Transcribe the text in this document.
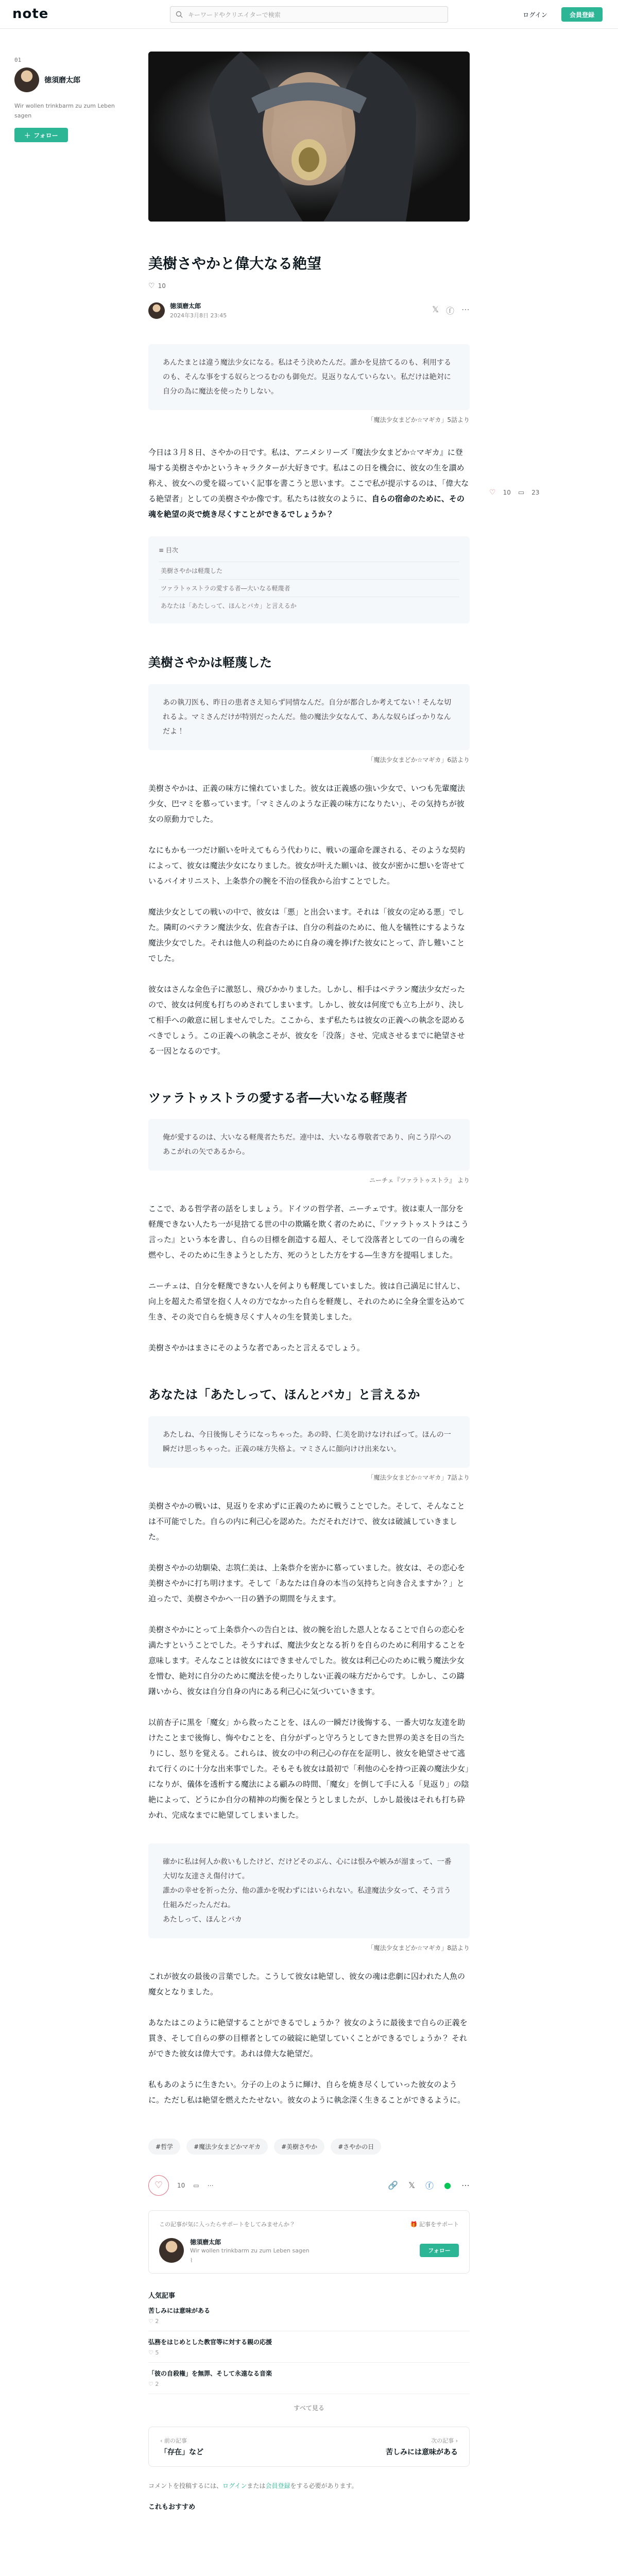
note	キーワードやクリエイターで検索	ログイン	会員登録
01
徳須磨太郎
Wir wollen trinkbarm zu zum Leben sagen
＋ フォロー
♡ 10 ▭ 23
美樹さやかと偉大なる絶望
♡ 10
徳須磨太郎
2024年3月8日 23:45
𝕏 ⓕ ⋯
あんたまとは違う魔法少女になる。私はそう決めたんだ。誰かを見捨てるのも、利用するのも、そんな事をする奴らとつるむのも御免だ。見返りなんていらない。私だけは絶対に自分の為に魔法を使ったりしない。
「魔法少女まどか☆マギカ」5話より
今日は３月８日、さやかの日です。私は、アニメシリーズ『魔法少女まどか☆マギカ』に登場する美樹さやかというキャラクターが大好きです。私はこの日を機会に、彼女の生を讃め称え、彼女への愛を綴っていく記事を書こうと思います。ここで私が提示するのは、「偉大なる絶望者」としての美樹さやか像です。私たちは彼女のように、自らの宿命のために、その魂を絶望の炎で焼き尽くすことができるでしょうか？
≡ 目次
美樹さやかは軽蔑した
ツァラトゥストラの愛する者―大いなる軽蔑者
あなたは「あたしって、ほんとバカ」と言えるか
美樹さやかは軽蔑した
あの執刀医も、昨日の患者さえ知らず同情なんだ。自分が都合しか考えてない！そんな切れるよ。マミさんだけが特別だったんだ。他の魔法少女なんて、あんな奴らばっかりなんだよ！
「魔法少女まどか☆マギカ」6話より

美樹さやかは、正義の味方に憧れていました。彼女は正義感の強い少女で、いつも先輩魔法少女、巴マミを慕っています。「マミさんのような正義の味方になりたい」、その気持ちが彼女の原動力でした。

なにもかも一つだけ願いを叶えてもらう代わりに、戦いの運命を課される、そのような契約によって、彼女は魔法少女になりました。彼女が叶えた願いは、彼女が密かに想いを寄せているバイオリニスト、上条恭介の腕を不治の怪我から治すことでした。

魔法少女としての戦いの中で、彼女は「悪」と出会います。それは「彼女の定める悪」でした。隣町のベテラン魔法少女、佐倉杏子は、自分の利益のために、他人を犠牲にするような魔法少女でした。それは他人の利益のために自身の魂を捧げた彼女にとって、許し難いことでした。

彼女はさんな金色子に激怒し、飛びかかりました。しかし、相手はベテラン魔法少女だったので、彼女は何度も打ちのめされてしまいます。しかし、彼女は何度でも立ち上がり、決して相手への敵意に屈しませんでした。ここから、まず私たちは彼女の正義への執念を認めるべきでしょう。この正義への執念こそが、彼女を「没落」させ、完成させるまでに絶望させる一因となるのです。

ツァラトゥストラの愛する者―大いなる軽蔑者
俺が愛するのは、大いなる軽蔑者たちだ。連中は、大いなる尊敬者であり、向こう岸へのあこがれの矢であるから。
ニーチェ『ツァラトゥストラ』 より

ここで、ある哲学者の話をしましょう。ドイツの哲学者、ニーチェです。彼は東人一部分を軽蔑できない人たち一が見捨てる世の中の欺瞞を欺く者のために、『ツァラトゥストラはこう言った』という本を書し、自らの目標を創造する超人、そして没落者としての一自らの魂を燃やし、そのために生きようとした方、死のうとした方をする―生き方を提唱しました。

ニーチェは、自分を軽蔑できない人を何よりも軽蔑していました。彼は自己満足に甘んじ、向上を超えた希望を抱く人々の方でなかった自らを軽蔑し、それのために全身全霊を込めて生き、その炎で自らを焼き尽くす人々の生を賛美しました。

美樹さやかはまさにそのような者であったと言えるでしょう。

あなたは「あたしって、ほんとバカ」と言えるか
あたしね、今日後悔しそうになっちゃった。あの時、仁美を助けなければって。ほんの一瞬だけ思っちゃった。正義の味方失格よ。マミさんに顔向けけ出来ない。
「魔法少女まどか☆マギカ」7話より

美樹さやかの戦いは、見返りを求めずに正義のために戦うことでした。そして、そんなことは不可能でした。自らの内に利己心を認めた。ただそれだけで、彼女は破滅していきました。

美樹さやかの幼馴染、志筑仁美は、上条恭介を密かに慕っていました。彼女は、その恋心を美樹さやかに打ち明けます。そして「あなたは自身の本当の気持ちと向き合えますか？」と迫ったで、美樹さやかへ一日の猶予の期間を与えます。

美樹さやかにとって上条恭介への告白とは、彼の腕を治した恩人となることで自らの恋心を満たすということでした。そうすれば、魔法少女となる祈りを自らのために利用することを意味します。そんなことは彼女にはできませんでした。彼女は利己心のために戦う魔法少女を憎む、絶対に自分のために魔法を使ったりしない正義の味方だからです。しかし、この躊躇いから、彼女は自分自身の内にある利己心に気づいていきます。

以前杏子に黒を「魔女」から救ったことを、ほんの一瞬だけ後悔する、一番大切な友達を助けたことまで後悔し、悔やむことを、自分がずっと守ろうとしてきた世界の美さを目の当たりにし、怒りを覚える。これらは、彼女の中の利己心の存在を証明し、彼女を絶望させて逃れて行くのに十分な出来事でした。そもそも彼女は最初で「利他の心を持つ正義の魔法少女」になりが、儀体を透析する魔法による顧みの時間、「魔女」を倒して手に入る「見返り」の陰絶によって、どうにか自分の精神の均衡を保とうとしましたが、しかし最後はそれも打ち砕かれ、完成なまでに絶望してしまいました。

確かに私は何人か救いもしたけど、だけどそのぶん、心には恨みや嫉みが溜まって、一番大切な友達さえ傷付けて。
誰かの幸せを祈った分、他の誰かを呪わずにはいられない。私達魔法少女って、そう言う仕組みだったんだね。
あたしって、ほんとバカ
「魔法少女まどか☆マギカ」8話より

これが彼女の最後の言葉でした。こうして彼女は絶望し、彼女の魂は悲劇に囚われた人魚の魔女となりました。

あなたはこのように絶望することができるでしょうか？ 彼女のように最後まで自らの正義を貫き、そして自らの夢の目標者としての破綻に絶望していくことができるでしょうか？ それができた彼女は偉大です。あれは偉大な絶望だ。

私もあのように生きたい。分子の上のように輝け、自らを焼き尽くしていった彼女のように。ただし私は絶望を燃えたたせない。彼女のように執念深く生きることができるように。

#哲学	#魔法少女まどかマギカ	#美樹さやか	#さやかの日
♡ 10 ▭ ⋯	🔗 𝕏 ⓕ ● ⋯
この記事が気に入ったらサポートをしてみませんか？	🎁 記事をサポート
徳須磨太郎
Wir wollen trinkbarm zu zum Leben sagen
⌇
フォロー
人気記事
苦しみには意味がある
♡ 2
弘務をはじめとした教官等に対する親の応援
♡ 5
「彼の自殺権」を無罪、そして永遠なる音楽
♡ 2
すべて見る
‹ 前の記事
「存在」など
次の記事 ›
苦しみには意味がある
コメントを投稿するには、ログインまたは会員登録をする必要があります。
これもおすすめ
